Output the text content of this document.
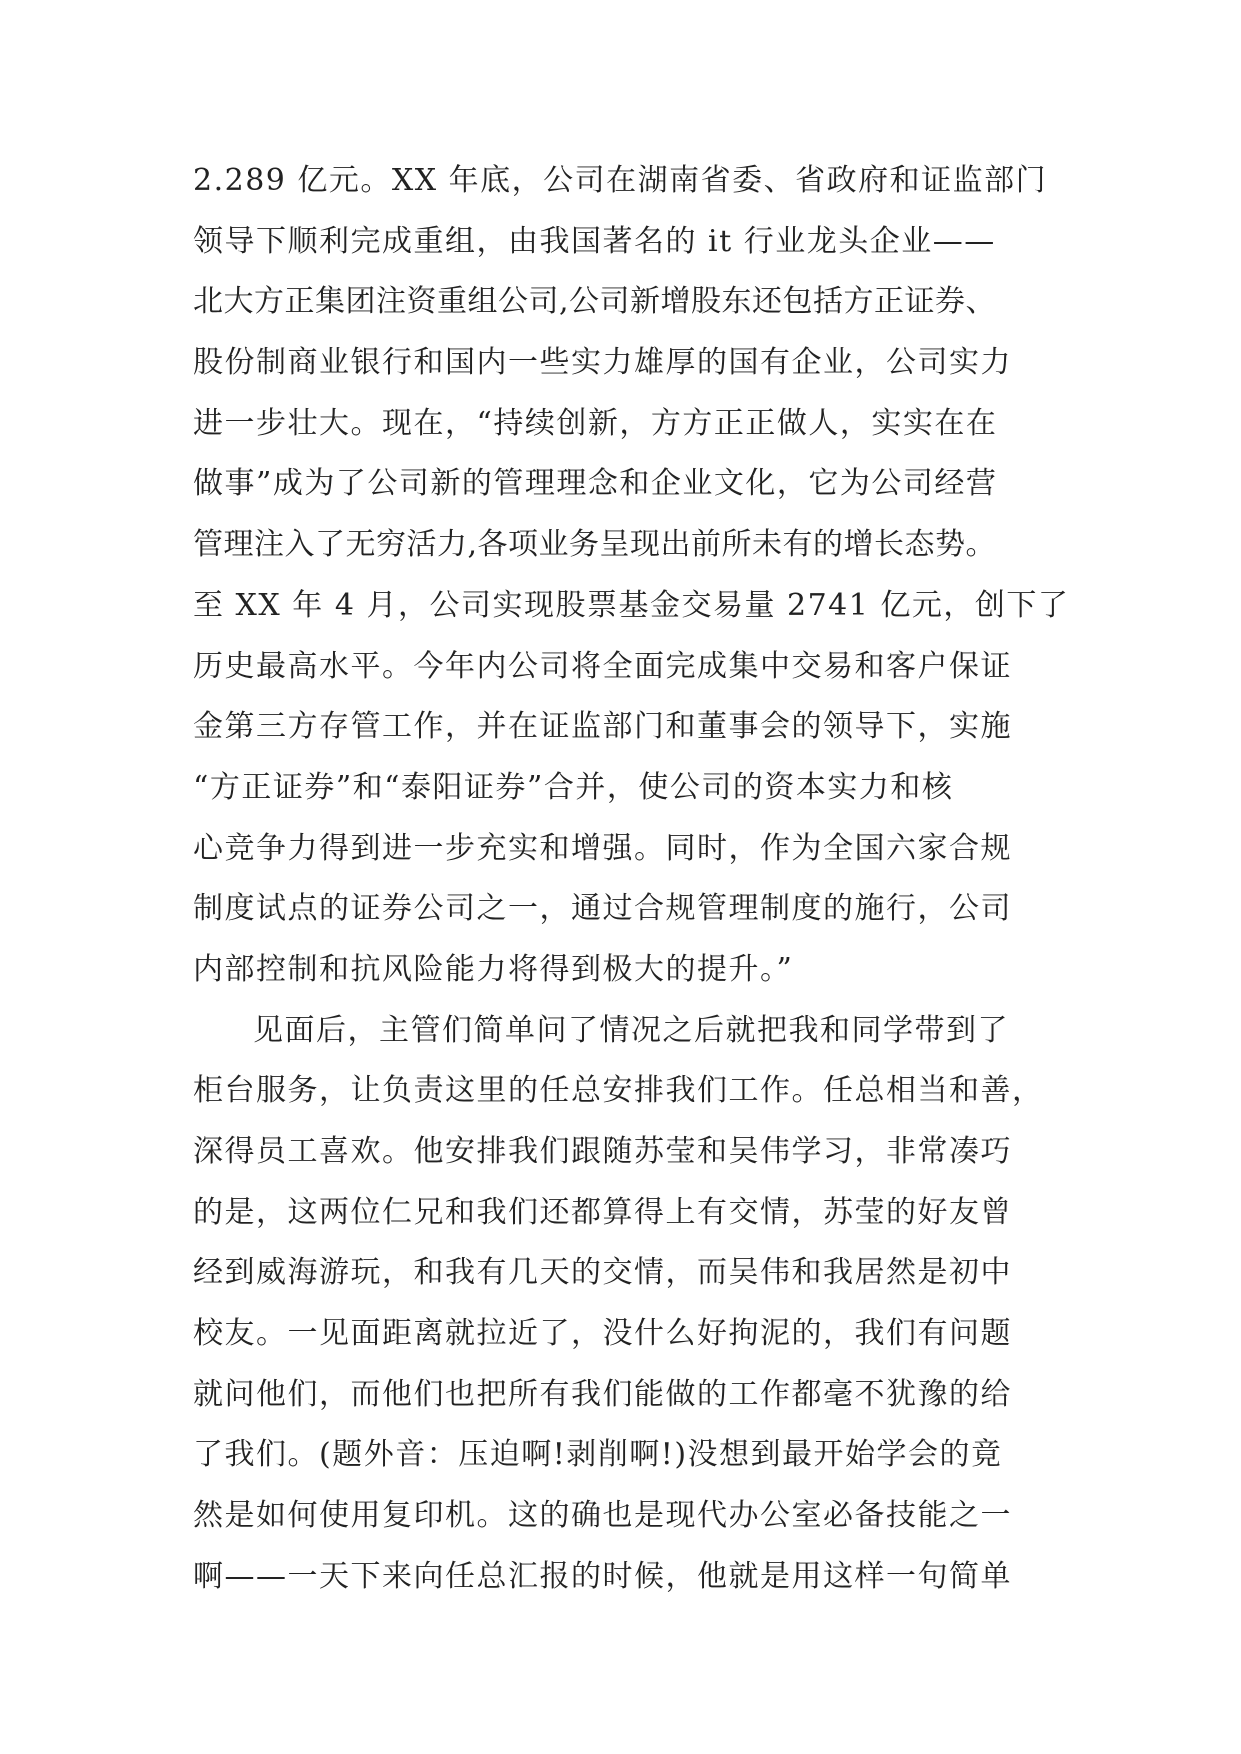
2.289 亿元。XX 年底，公司在湖南省委、省政府和证监部门
领导下顺利完成重组，由我国著名的 it 行业龙头企业——
北大方正集团注资重组公司,公司新增股东还包括方正证券、
股份制商业银行和国内一些实力雄厚的国有企业，公司实力
进一步壮大。现在，“持续创新，方方正正做人，实实在在
做事”成为了公司新的管理理念和企业文化，它为公司经营
管理注入了无穷活力,各项业务呈现出前所未有的增长态势。
至 XX 年 4 月，公司实现股票基金交易量 2741 亿元，创下了
历史最高水平。今年内公司将全面完成集中交易和客户保证
金第三方存管工作，并在证监部门和董事会的领导下，实施
“方正证券”和“泰阳证券”合并，使公司的资本实力和核
心竞争力得到进一步充实和增强。同时，作为全国六家合规
制度试点的证券公司之一，通过合规管理制度的施行，公司
内部控制和抗风险能力将得到极大的提升。”
见面后，主管们简单问了情况之后就把我和同学带到了
柜台服务，让负责这里的任总安排我们工作。任总相当和善，
深得员工喜欢。他安排我们跟随苏莹和吴伟学习，非常凑巧
的是，这两位仁兄和我们还都算得上有交情，苏莹的好友曾
经到威海游玩，和我有几天的交情，而吴伟和我居然是初中
校友。一见面距离就拉近了，没什么好拘泥的，我们有问题
就问他们，而他们也把所有我们能做的工作都毫不犹豫的给
了我们。(题外音：压迫啊!剥削啊!)没想到最开始学会的竟
然是如何使用复印机。这的确也是现代办公室必备技能之一
啊——一天下来向任总汇报的时候，他就是用这样一句简单
